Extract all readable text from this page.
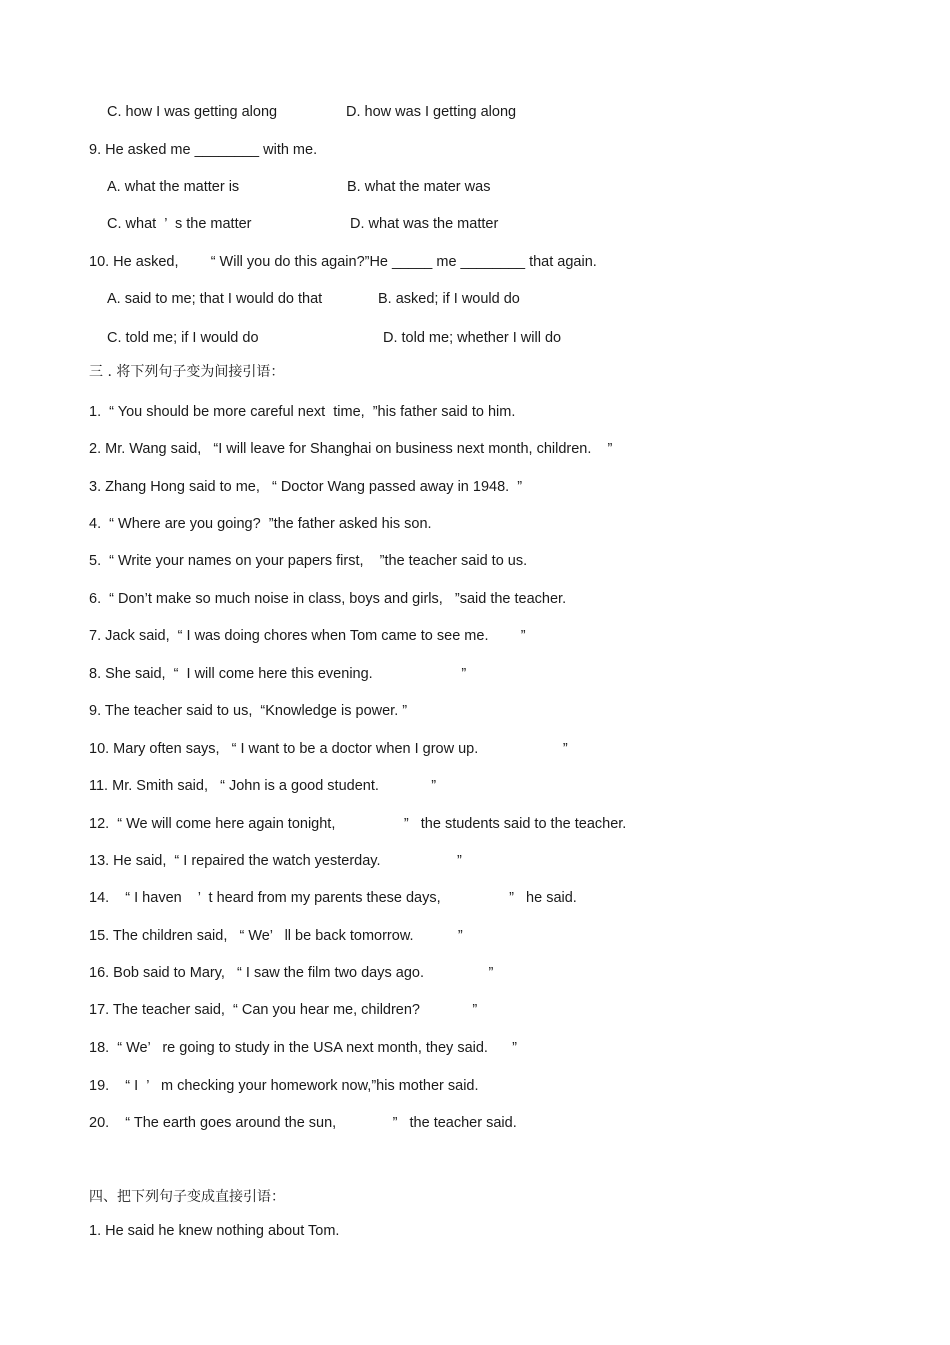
C. how I was getting along	D. how was I getting along
9. He asked me ________ with me.
A. what the matter is	B. what the mater was
C. what  ’  s the matter	D. what was the matter
10. He asked,        “ Will you do this again?”He _____ me ________ that again.
A. said to me; that I would do that	B. asked; if I would do
C. told me; if I would do	D. told me; whether I will do
三 . 将下列句子变为间接引语：
1.  “ You should be more careful next  time,  ”his father said to him.
2. Mr. Wang said,   “I will leave for Shanghai on business next month, children.    ”
3. Zhang Hong said to me,   “ Doctor Wang passed away in 1948.  ”
4.  “ Where are you going?  ”the father asked his son.
5.  “ Write your names on your papers first,    ”the teacher said to us.
6.  “ Don’t make so much noise in class, boys and girls,   ”said the teacher.
7. Jack said,  “ I was doing chores when Tom came to see me.        ”
8. She said,  “  I will come here this evening.                      ”
9. The teacher said to us,  “Knowledge is power. ”
10. Mary often says,   “ I want to be a doctor when I grow up.                     ”
11. Mr. Smith said,   “ John is a good student.             ”
12.  “ We will come here again tonight,                 ”   the students said to the teacher.
13. He said,  “ I repaired the watch yesterday.                   ”
14.    “ I haven    ’  t heard from my parents these days,                 ”   he said.
15. The children said,   “ We’   ll be back tomorrow.           ”
16. Bob said to Mary,   “ I saw the film two days ago.                ”
17. The teacher said,  “ Can you hear me, children?             ”
18.  “ We’   re going to study in the USA next month, they said.      ”
19.    “ I  ’   m checking your homework now,”his mother said.
20.    “ The earth goes around the sun,              ”   the teacher said.
四、把下列句子变成直接引语：
1. He said he knew nothing about Tom.
